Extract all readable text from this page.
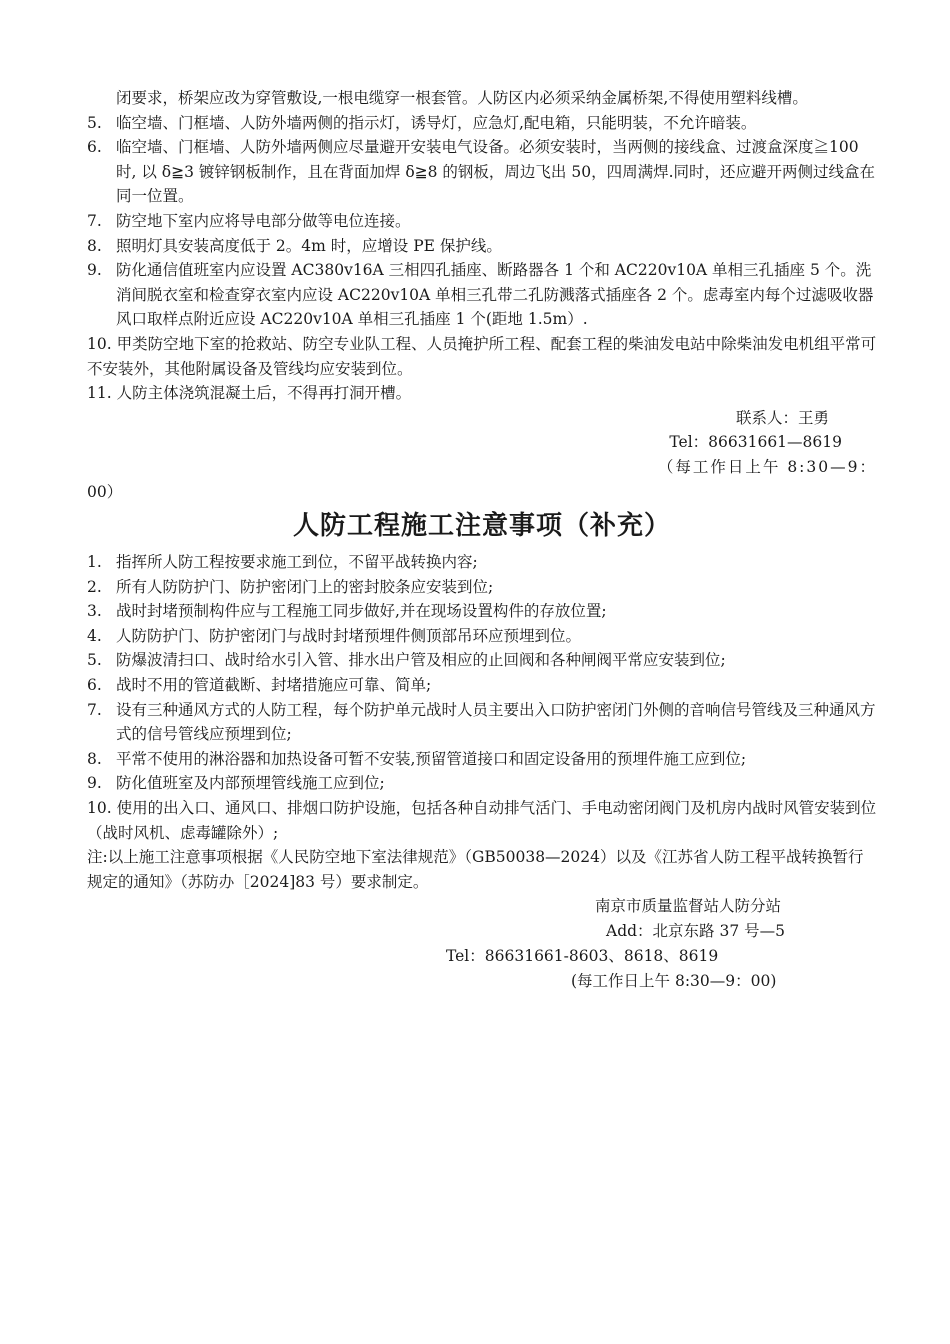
闭要求，桥架应改为穿管敷设,一根电缆穿一根套管。人防区内必须采纳金属桥架,不得使用塑料线槽。
5. 临空墙、门框墙、人防外墙两侧的指示灯，诱导灯，应急灯,配电箱，只能明装，不允许暗装。
6. 临空墙、门框墙、人防外墙两侧应尽量避开安装电气设备。必须安装时，当两侧的接线盒、过渡盒深度≧100 时, 以 δ≧3 镀锌钢板制作，且在背面加焊 δ≧8 的钢板，周边飞出 50，四周满焊.同时，还应避开两侧过线盒在同一位置。
7. 防空地下室内应将导电部分做等电位连接。
8. 照明灯具安装高度低于 2。4m 时，应增设 PE 保护线。
9. 防化通信值班室内应设置 AC380v16A 三相四孔插座、断路器各 1 个和 AC220v10A 单相三孔插座 5 个。洗消间脱衣室和检查穿衣室内应设 AC220v10A 单相三孔带二孔防溅落式插座各 2 个。虑毒室内每个过滤吸收器风口取样点附近应设 AC220v10A 单相三孔插座 1 个(距地 1.5m）.
10. 甲类防空地下室的抢救站、防空专业队工程、人员掩护所工程、配套工程的柴油发电站中除柴油发电机组平常可不安装外，其他附属设备及管线均应安装到位。
11. 人防主体浇筑混凝土后，不得再打洞开槽。
联系人：王勇
Tel：86631661—8619
（每工作日上午 8:30—9：
00）
人防工程施工注意事项（补充）
1. 指挥所人防工程按要求施工到位，不留平战转换内容;
2. 所有人防防护门、防护密闭门上的密封胶条应安装到位;
3. 战时封堵预制构件应与工程施工同步做好,并在现场设置构件的存放位置;
4. 人防防护门、防护密闭门与战时封堵预埋件侧顶部吊环应预埋到位。
5. 防爆波清扫口、战时给水引入管、排水出户管及相应的止回阀和各种闸阀平常应安装到位;
6. 战时不用的管道截断、封堵措施应可靠、简单;
7. 设有三种通风方式的人防工程，每个防护单元战时人员主要出入口防护密闭门外侧的音响信号管线及三种通风方式的信号管线应预埋到位;
8. 平常不使用的淋浴器和加热设备可暂不安装,预留管道接口和固定设备用的预埋件施工应到位;
9. 防化值班室及内部预埋管线施工应到位;
10. 使用的出入口、通风口、排烟口防护设施，包括各种自动排气活门、手电动密闭阀门及机房内战时风管安装到位（战时风机、虑毒罐除外）;
注:以上施工注意事项根据《人民防空地下室法律规范》（GB50038—2024）以及《江苏省人防工程平战转换暂行规定的通知》（苏防办［2024]83 号）要求制定。
南京市质量监督站人防分站
Add：北京东路 37 号—5
Tel：86631661-8603、8618、8619
(每工作日上午 8:30—9：00)
